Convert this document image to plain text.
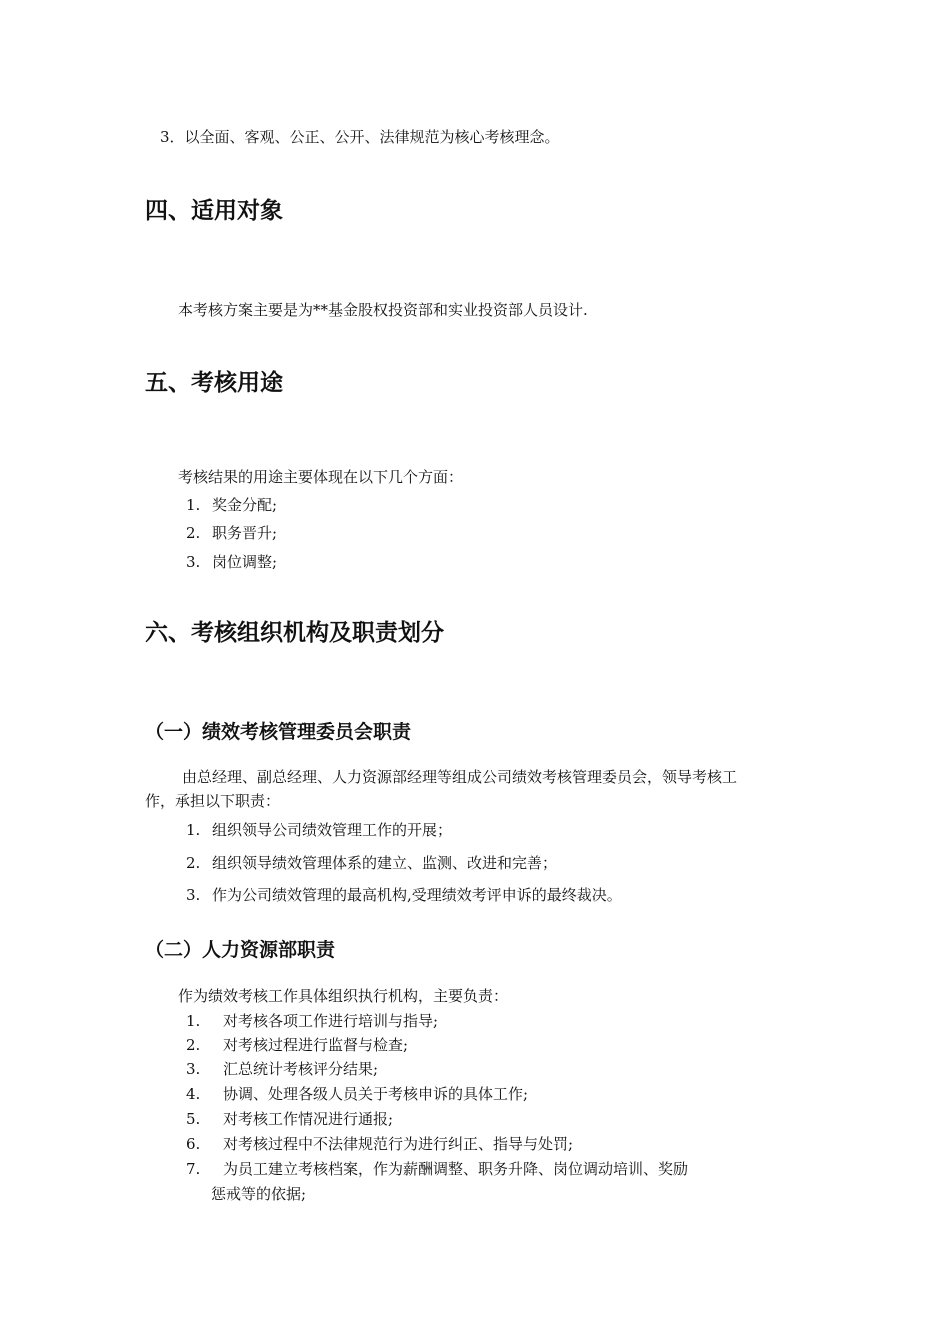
3．以全面、客观、公正、公开、法律规范为核心考核理念。
四、适用对象
本考核方案主要是为**基金股权投资部和实业投资部人员设计.
五、考核用途
考核结果的用途主要体现在以下几个方面：
1. 奖金分配;
2. 职务晋升;
3. 岗位调整;
六、考核组织机构及职责划分
（一）绩效考核管理委员会职责
由总经理、副总经理、人力资源部经理等组成公司绩效考核管理委员会，领导考核工
作，承担以下职责：
1. 组织领导公司绩效管理工作的开展；
2. 组织领导绩效管理体系的建立、监测、改进和完善；
3. 作为公司绩效管理的最高机构,受理绩效考评申诉的最终裁决。
（二）人力资源部职责
作为绩效考核工作具体组织执行机构，主要负责：
1. 对考核各项工作进行培训与指导;
2. 对考核过程进行监督与检查;
3. 汇总统计考核评分结果;
4. 协调、处理各级人员关于考核申诉的具体工作;
5. 对考核工作情况进行通报;
6. 对考核过程中不法律规范行为进行纠正、指导与处罚;
7. 为员工建立考核档案，作为薪酬调整、职务升降、岗位调动培训、奖励
惩戒等的依据;
